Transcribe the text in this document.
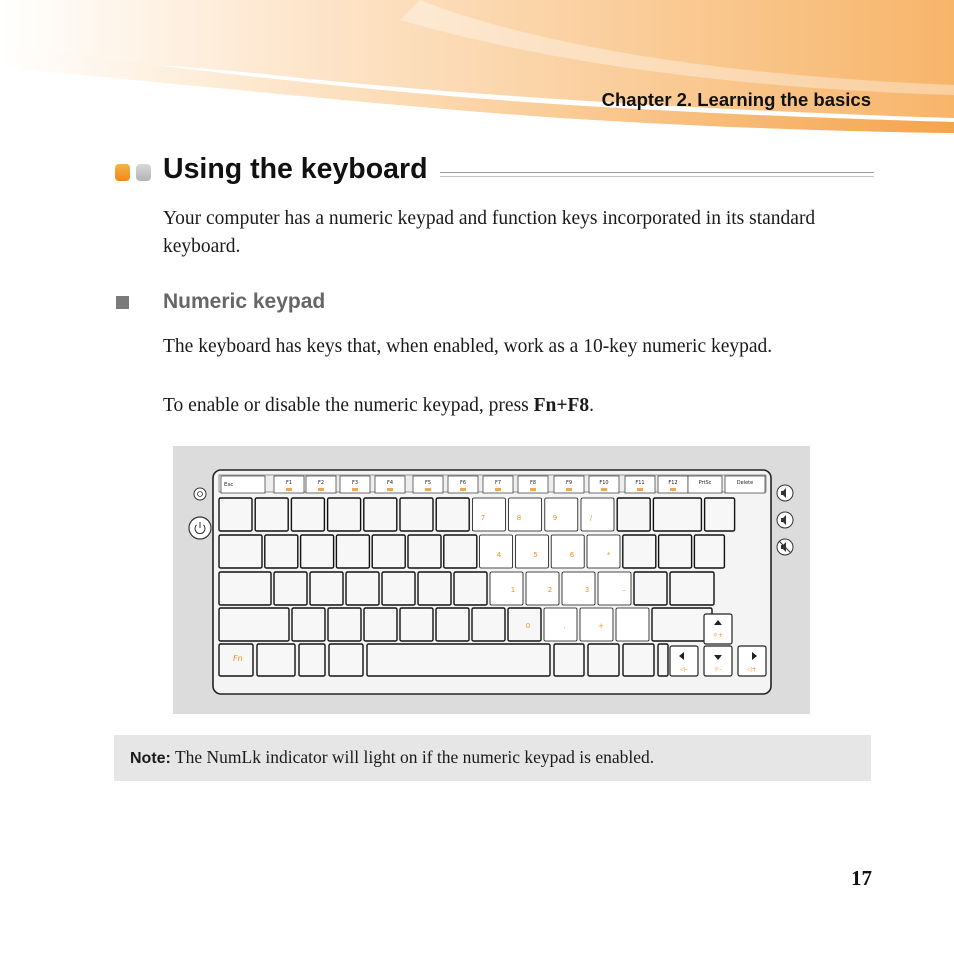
Chapter 2. Learning the basics
Using the keyboard
Your computer has a numeric keypad and function keys incorporated in its standard keyboard.
Numeric keypad
The keyboard has keys that, when enabled, work as a 10-key numeric keypad.
To enable or disable the numeric keypad, press Fn+F8.
F1	F2	F3	F4	F5	F6	F7	F8	F9	F10	F11	F12	PrtSc	Delete
7	8	9	/
4	5	6	*
1	2	3	–
0	.	+
☼+
◁–	☼–	◁+
Fn
Esc
Note: The NumLk indicator will light on if the numeric keypad is enabled.
17
